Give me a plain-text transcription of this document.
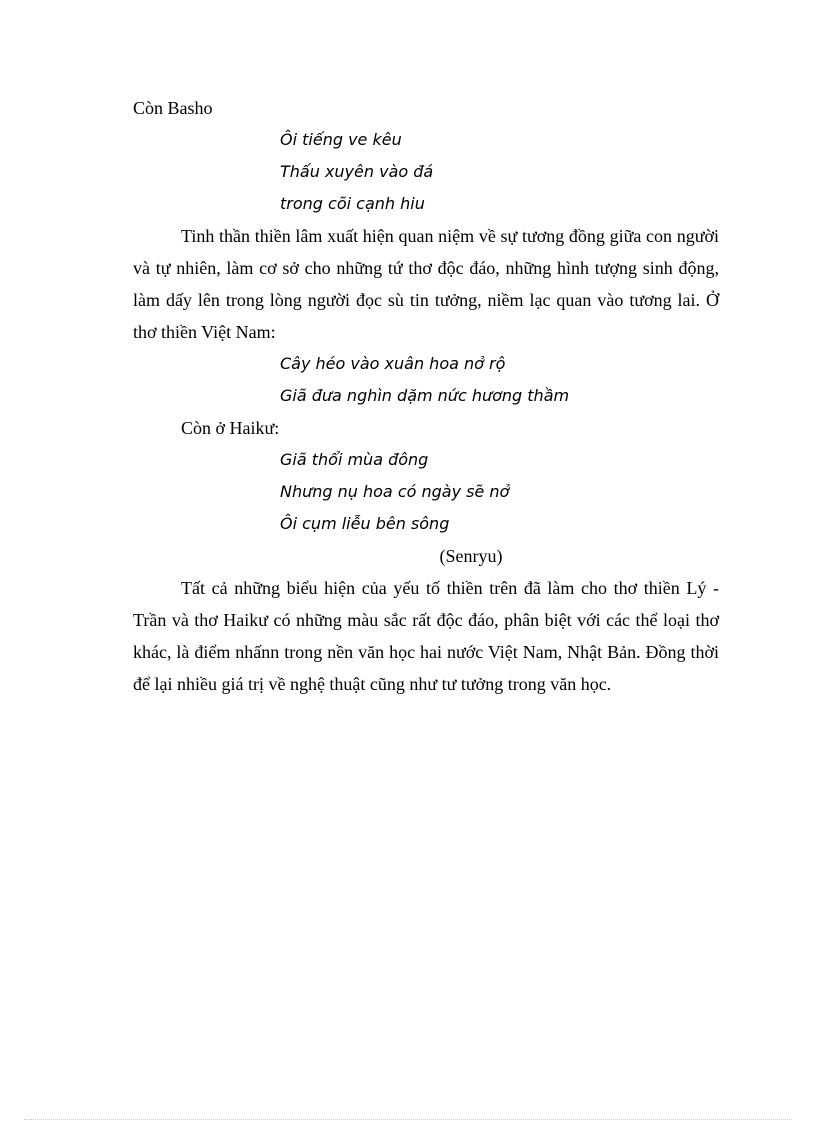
Còn Basho
Ôi tiếng ve kêu
Thấu xuyên vào đá
trong cõi cạnh hiu
Tinh thần thiền lâm xuất hiện quan niệm về sự tương đồng giữa con người và tự nhiên, làm cơ sở cho những tứ thơ độc đáo, những hình tượng sinh động, làm dấy lên trong lòng người đọc sù tin tưởng, niềm lạc quan vào tương lai. Ở thơ thiền Việt Nam:
Cây héo vào xuân hoa nở rộ
Giã đưa nghìn dặm nức hương thầm
Còn ở Haikư:
Giã thổi mùa đông
Nhưng nụ hoa có ngày sẽ nở
Ôi cụm liễu bên sông
(Senryu)
Tất cả những biểu hiện của yếu tố thiền trên đã làm cho thơ thiền Lý - Trần và thơ Haikư có những màu sắc rất độc đáo, phân biệt với các thể loại thơ khác, là điểm nhấnn trong nền văn học hai nước Việt Nam, Nhật Bản. Đồng thời để lại nhiều giá trị về nghệ thuật cũng như tư tưởng trong văn học.
